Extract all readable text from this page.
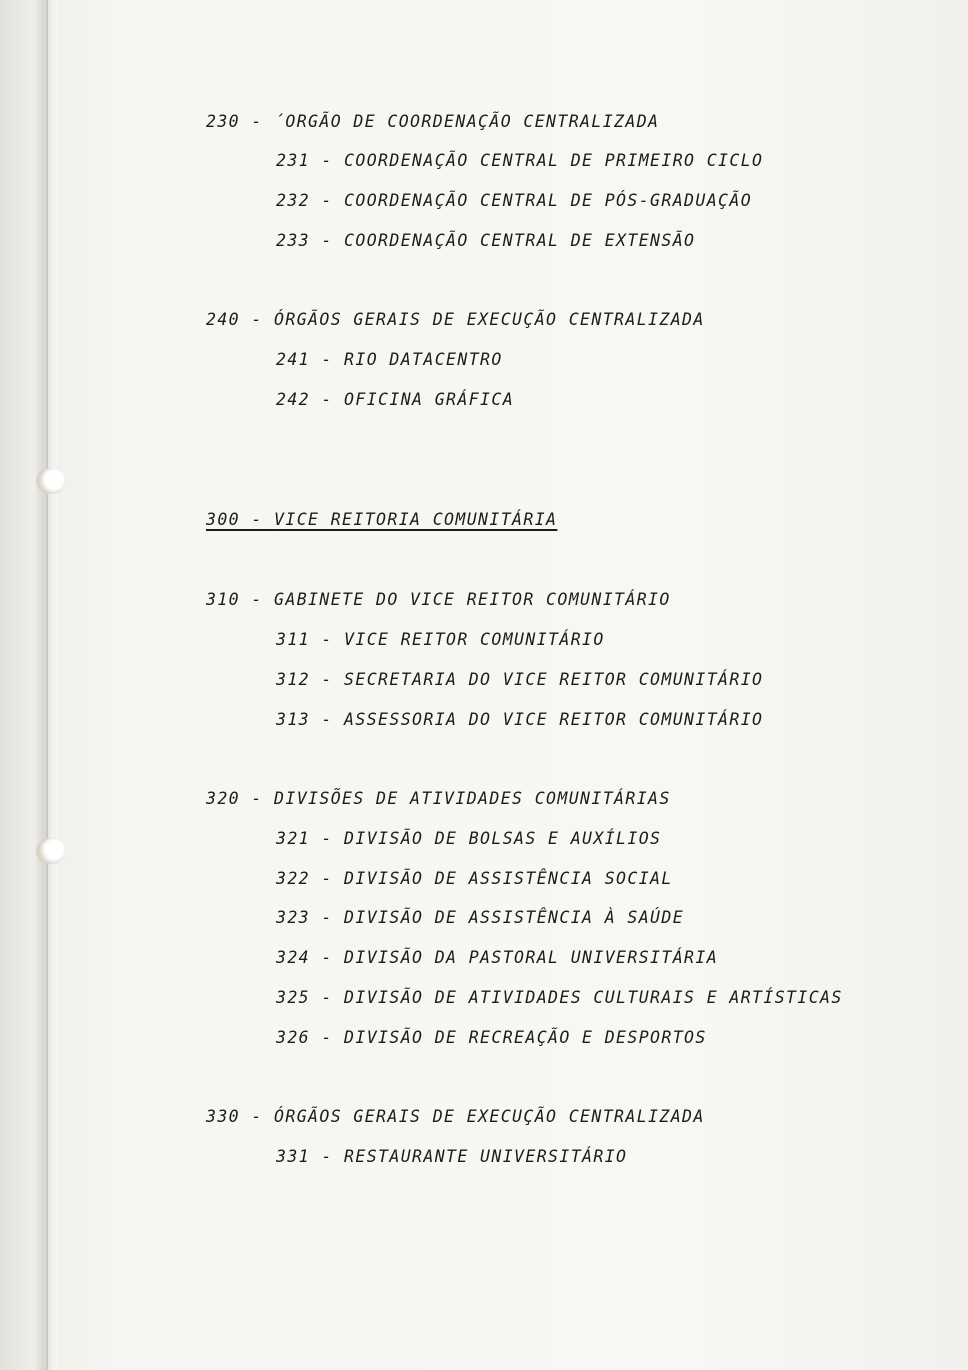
230 - ´ORGÃO DE COORDENAÇÃO CENTRALIZADA
231 - COORDENAÇÃO CENTRAL DE PRIMEIRO CICLO
232 - COORDENAÇÃO CENTRAL DE PÓS-GRADUAÇÃO
233 - COORDENAÇÃO CENTRAL DE EXTENSÃO
240 - ÓRGÃOS GERAIS DE EXECUÇÃO CENTRALIZADA
241 - RIO DATACENTRO
242 - OFICINA GRÁFICA
300 - VICE REITORIA COMUNITÁRIA
310 - GABINETE DO VICE REITOR COMUNITÁRIO
311 - VICE REITOR COMUNITÁRIO
312 - SECRETARIA DO VICE REITOR COMUNITÁRIO
313 - ASSESSORIA DO VICE REITOR COMUNITÁRIO
320 - DIVISÕES DE ATIVIDADES COMUNITÁRIAS
321 - DIVISÃO DE BOLSAS E AUXÍLIOS
322 - DIVISÃO DE ASSISTÊNCIA SOCIAL
323 - DIVISÃO DE ASSISTÊNCIA À SAÚDE
324 - DIVISÃO DA PASTORAL UNIVERSITÁRIA
325 - DIVISÃO DE ATIVIDADES CULTURAIS E ARTÍSTICAS
326 - DIVISÃO DE RECREAÇÃO E DESPORTOS
330 - ÓRGÃOS GERAIS DE EXECUÇÃO CENTRALIZADA
331 - RESTAURANTE UNIVERSITÁRIO
